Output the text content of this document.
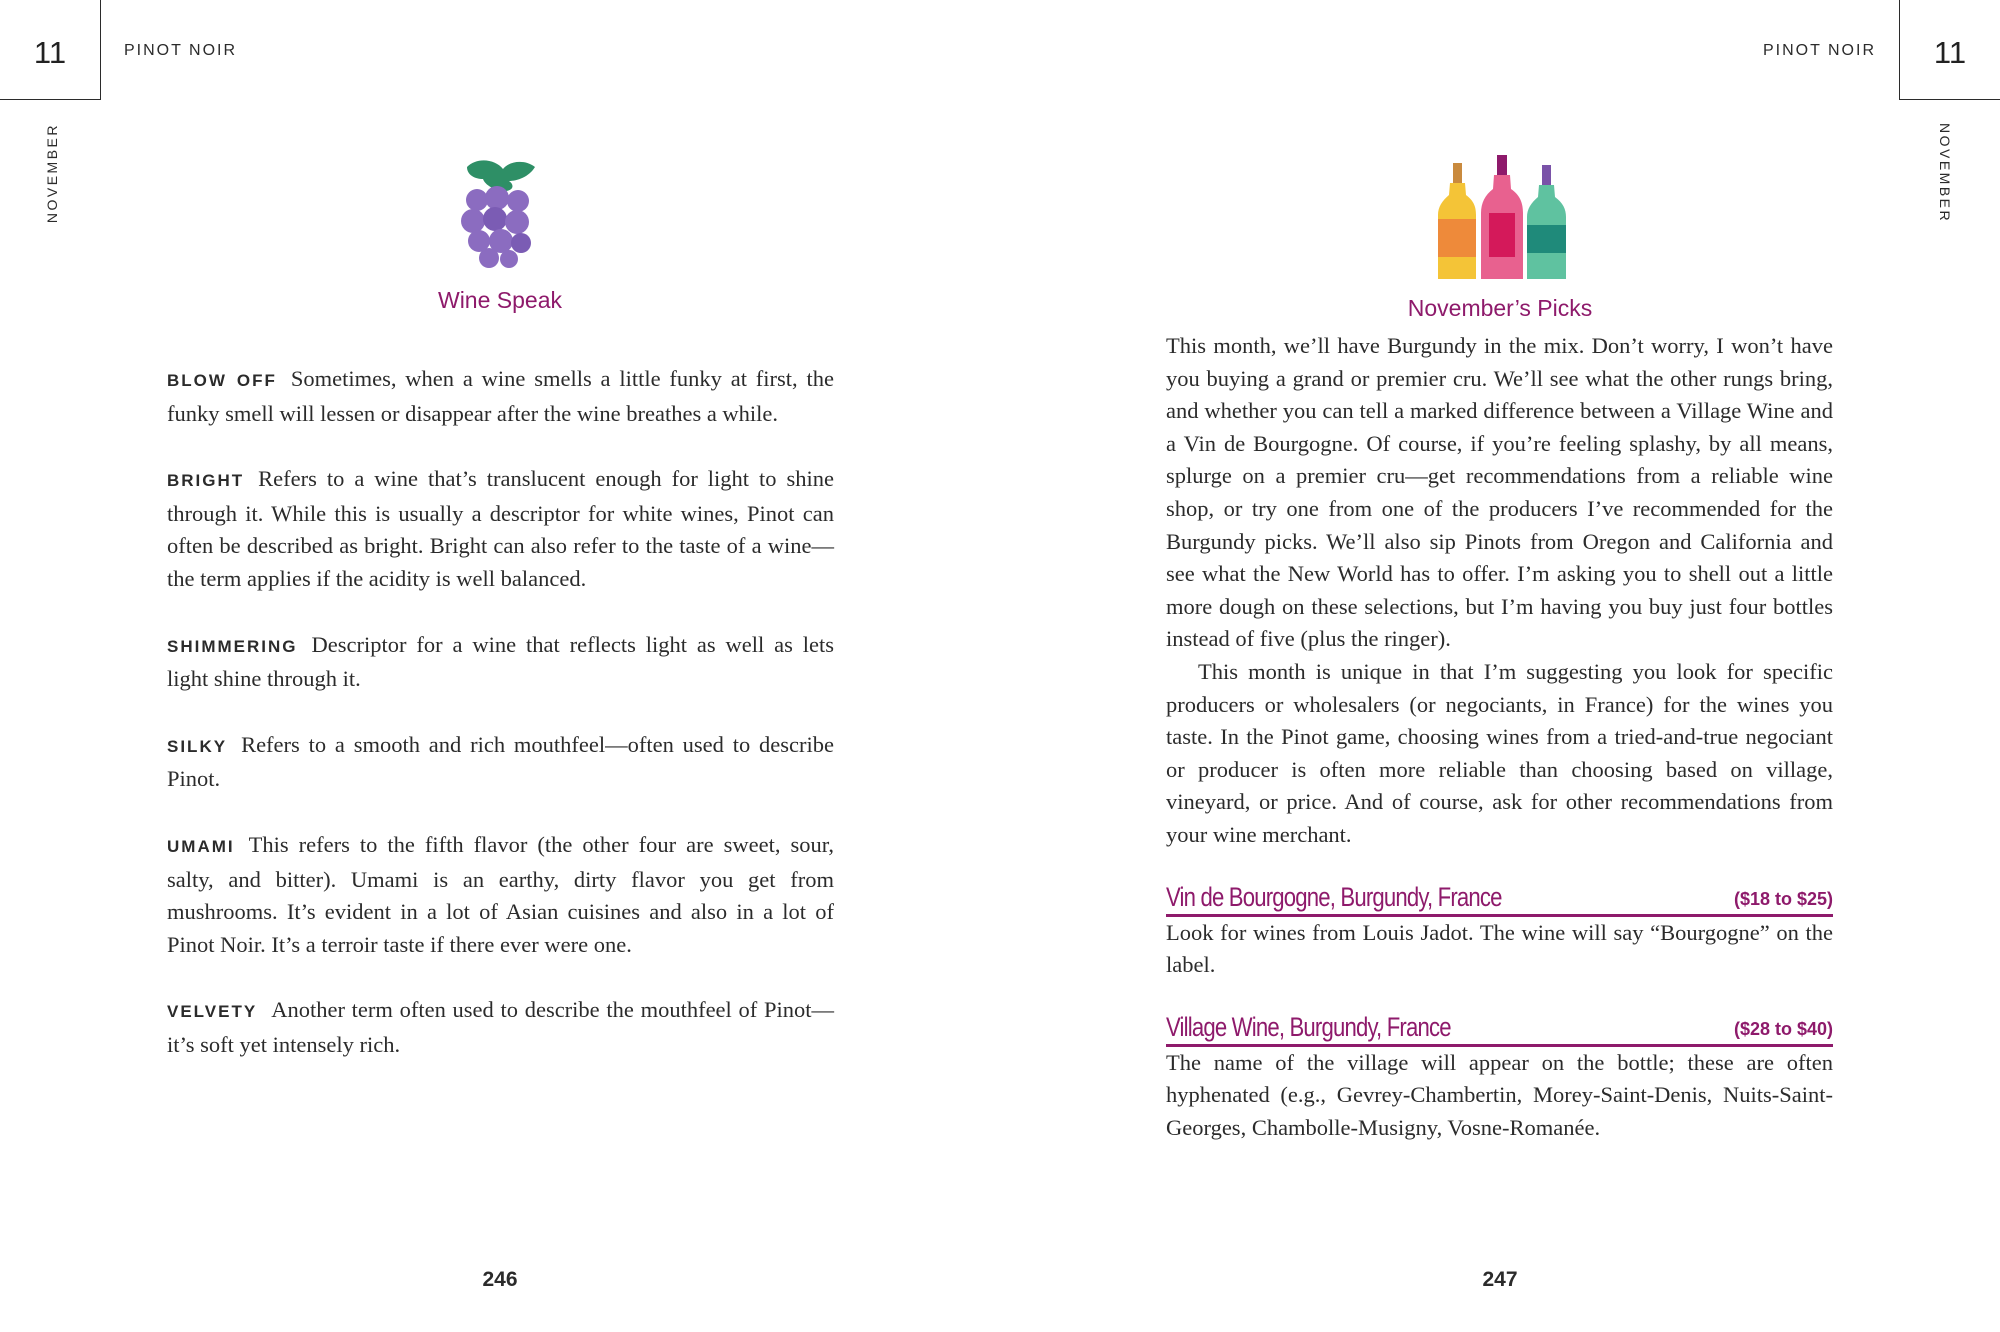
11	PINOT NOIR
NOVEMBER
Wine Speak
BLOW OFF Sometimes, when a wine smells a little funky at first, the funky smell will lessen or disappear after the wine breathes a while.
BRIGHT Refers to a wine that’s translucent enough for light to shine through it. While this is usually a descriptor for white wines, Pinot can often be described as bright. Bright can also refer to the taste of a wine—the term applies if the acidity is well balanced.
SHIMMERING Descriptor for a wine that reflects light as well as lets light shine through it.
SILKY Refers to a smooth and rich mouthfeel—often used to describe Pinot.
UMAMI This refers to the fifth flavor (the other four are sweet, sour, salty, and bitter). Umami is an earthy, dirty flavor you get from mushrooms. It’s evident in a lot of Asian cuisines and also in a lot of Pinot Noir. It’s a terroir taste if there ever were one.
VELVETY Another term often used to describe the mouthfeel of Pinot—it’s soft yet intensely rich.
246
11
PINOT NOIR
NOVEMBER
November’s Picks

This month, we’ll have Burgundy in the mix. Don’t worry, I won’t have you buying a grand or premier cru. We’ll see what the other rungs bring, and whether you can tell a marked difference between a Village Wine and a Vin de Bourgogne. Of course, if you’re feeling splashy, by all means, splurge on a premier cru—get recommendations from a reliable wine shop, or try one from one of the producers I’ve recommended for the Burgundy picks. We’ll also sip Pinots from Oregon and California and see what the New World has to offer. I’m asking you to shell out a little more dough on these selections, but I’m having you buy just four bottles instead of five (plus the ringer).

This month is unique in that I’m suggesting you look for specific producers or wholesalers (or negociants, in France) for the wines you taste. In the Pinot game, choosing wines from a tried-and-true negociant or producer is often more reliable than choosing based on village, vineyard, or price. And of course, ask for other recommendations from your wine merchant.

Vin de Bourgogne, Burgundy, France	($18 to $25)

Look for wines from Louis Jadot. The wine will say “Bourgogne” on the label.

Village Wine, Burgundy, France	($28 to $40)

The name of the village will appear on the bottle; these are often hyphenated (e.g., Gevrey-Chambertin, Morey-Saint-Denis, Nuits-Saint-Georges, Chambolle-Musigny, Vosne-Romanée.

247
